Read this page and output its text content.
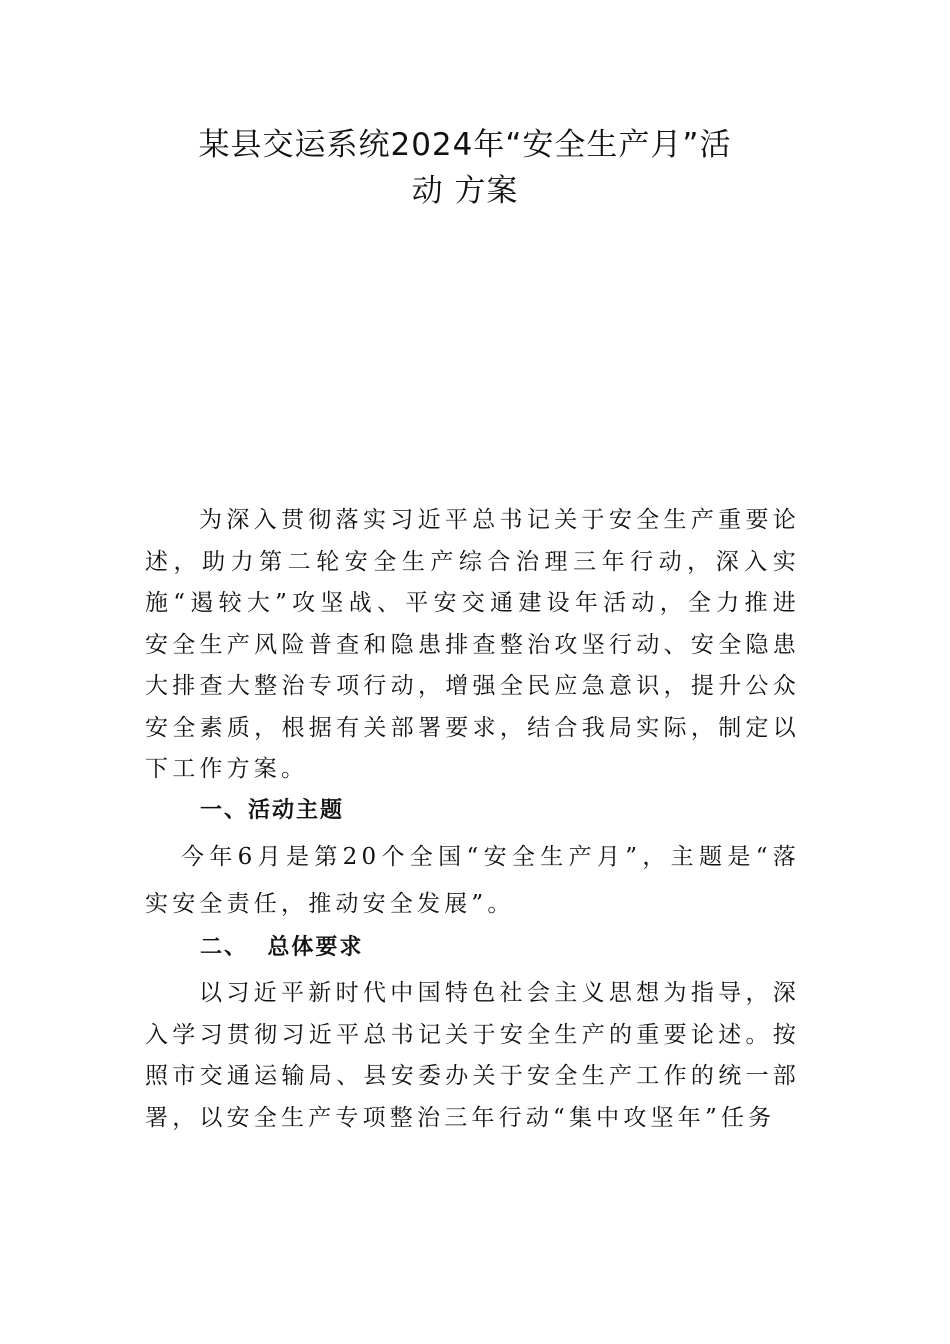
某县交运系统2024年“安全生产月”活
动 方案

为深入贯彻落实习近平总书记关于安全生产重要论述，助力第二轮安全生产综合治理三年行动，深入实施“遏较大”攻坚战、平安交通建设年活动，全力推进安全生产风险普查和隐患排查整治攻坚行动、安全隐患大排查大整治专项行动，增强全民应急意识，提升公众安全素质，根据有关部署要求，结合我局实际，制定以下工作方案。

一、活动主题

今年6月是第20个全国“安全生产月”，主题是“落实安全责任，推动安全发展”。

二、  总体要求

以习近平新时代中国特色社会主义思想为指导，深入学习贯彻习近平总书记关于安全生产的重要论述。按照市交通运输局、县安委办关于安全生产工作的统一部署，以安全生产专项整治三年行动“集中攻坚年”任务
